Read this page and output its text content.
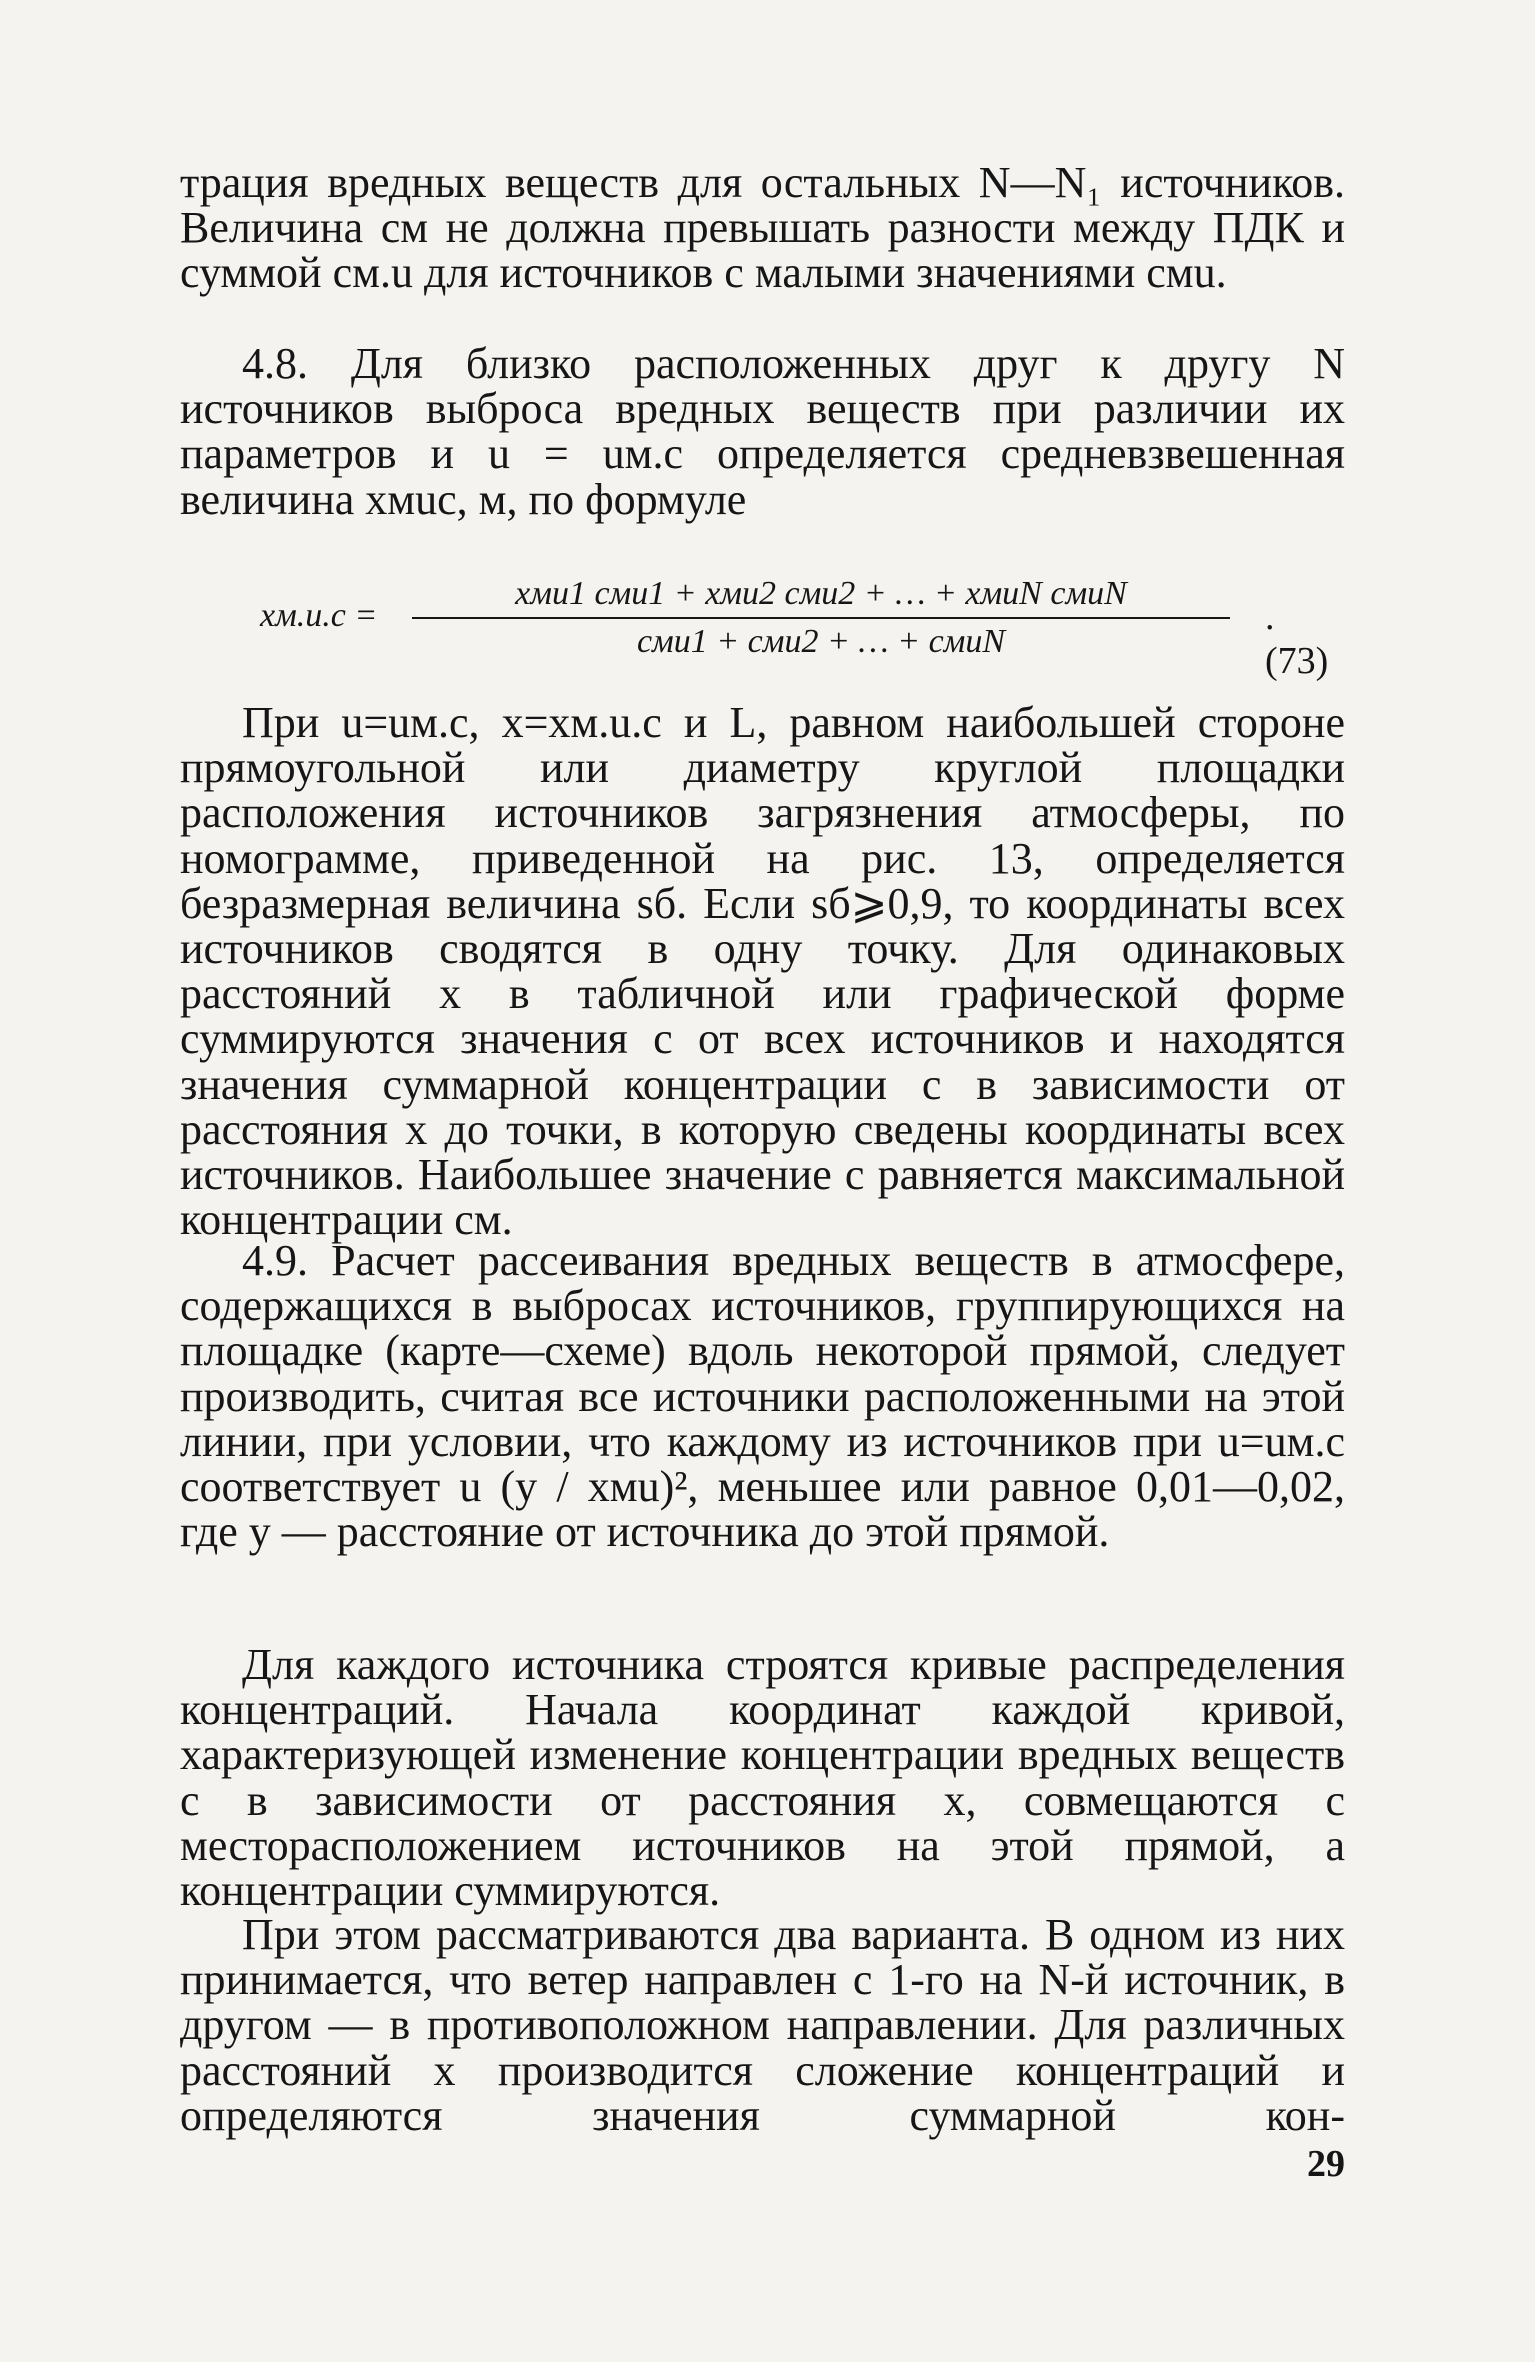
трация вредных веществ для остальных N—N₁ источников. Величина cм не должна превышать разности между ПДК и суммой cм.u для источников с малыми значениями cмu.

4.8. Для близко расположенных друг к другу N источников выброса вредных веществ при различии их параметров и u = uм.с определяется средневзвешенная величина xмuc, м, по формуле

xм.u.с =
xмu1 cмu1 + xмu2 cмu2 + … + xмuN cмuN
cмu1 + cмu2 + … + cмuN
. (73)

При u=uм.с, x=xм.u.с и L, равном наибольшей стороне прямоугольной или диаметру круглой площадки расположения источников загрязнения атмосферы, по номограмме, приведенной на рис. 13, определяется безразмерная величина sб. Если sб⩾0,9, то координаты всех источников сводятся в одну точку. Для одинаковых расстояний x в табличной или графической форме суммируются значения c от всех источников и находятся значения суммарной концентрации c в зависимости от расстояния x до точки, в которую сведены координаты всех источников. Наибольшее значение c равняется максимальной концентрации cм.

4.9. Расчет рассеивания вредных веществ в атмосфере, содержащихся в выбросах источников, группирующихся на площадке (карте—схеме) вдоль некоторой прямой, следует производить, считая все источники расположенными на этой линии, при условии, что каждому из источников при u=uм.с соответствует u (y / xмu)², меньшее или равное 0,01—0,02, где y — расстояние от источника до этой прямой.

Для каждого источника строятся кривые распределения концентраций. Начала координат каждой кривой, характеризующей изменение концентрации вредных веществ c в зависимости от расстояния x, совмещаются с месторасположением источников на этой прямой, а концентрации суммируются.

При этом рассматриваются два варианта. В одном из них принимается, что ветер направлен с 1-го на N-й источник, в другом — в противоположном направлении. Для различных расстояний x производится сложение концентраций и определяются значения суммарной кон-

29
